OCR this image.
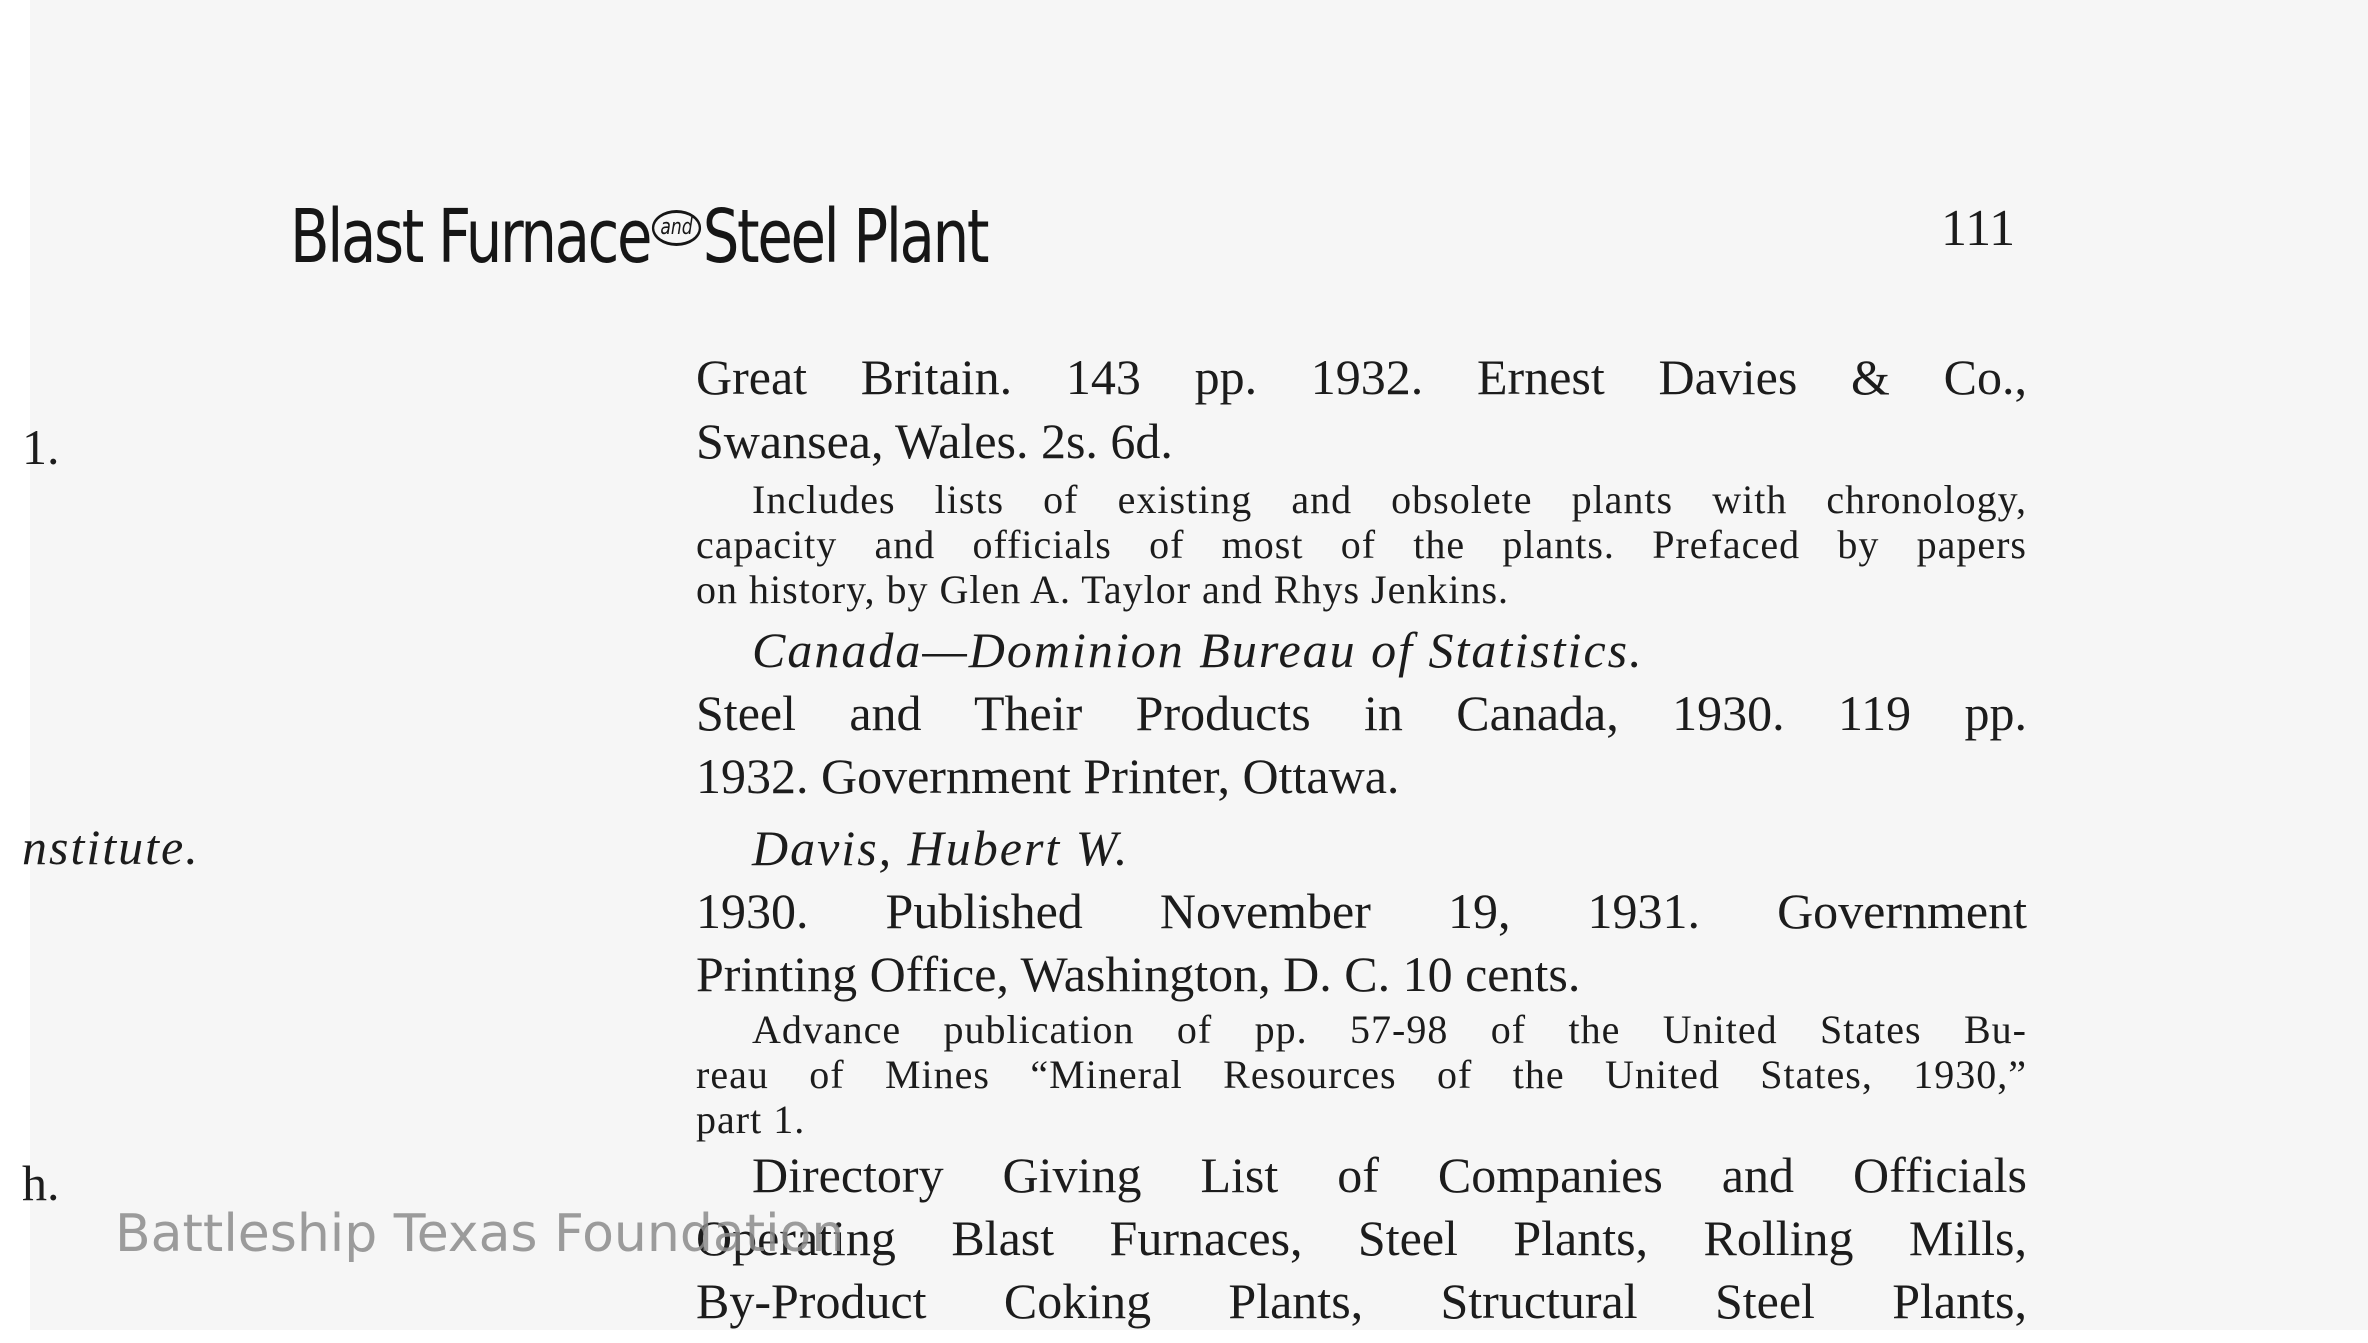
Blast Furnace and Steel Plant	111
1.
nstitute.
h.
Great Britain. 143 pp. 1932. Ernest Davies & Co.,
Swansea, Wales. 2s. 6d.
Includes lists of existing and obsolete plants with chronology,
capacity and officials of most of the plants. Prefaced by papers
on history, by Glen A. Taylor and Rhys Jenkins.
Canada—Dominion Bureau of Statistics.
Steel and Their Products in Canada, 1930. 119 pp.
1932. Government Printer, Ottawa.
Davis, Hubert W.
1930. Published November 19, 1931. Government
Printing Office, Washington, D. C. 10 cents.
Advance publication of pp. 57-98 of the United States Bu-
reau of Mines “Mineral Resources of the United States, 1930,”
part 1.
Directory Giving List of Companies and Officials
Operating Blast Furnaces, Steel Plants, Rolling Mills,
By-Product Coking Plants, Structural Steel Plants,
Battleship Texas Foundation
